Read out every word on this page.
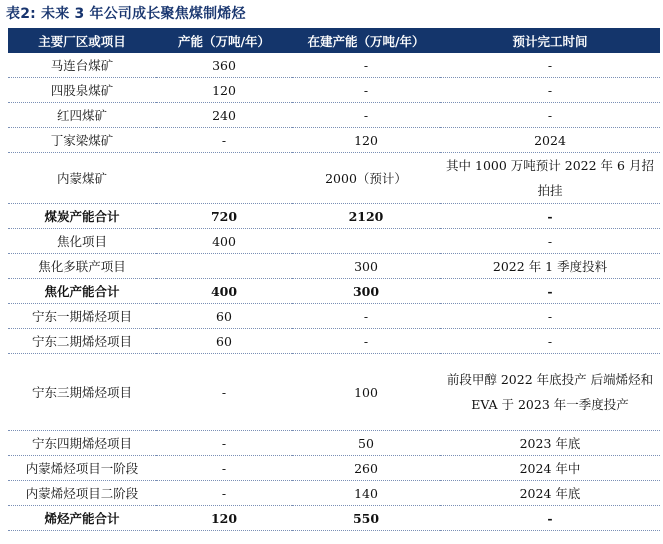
表2: 未来 3 年公司成长聚焦煤制烯烃
主要厂区或项目	产能（万吨/年）	在建产能（万吨/年）	预计完工时间
马连台煤矿	360	-	-
四股泉煤矿	120	-	-
红四煤矿	240	-	-
丁家梁煤矿	-	120	2024
内蒙煤矿		2000（预计）	其中 1000 万吨预计 2022 年 6 月招拍挂
煤炭产能合计	720	2120	-
焦化项目	400		-
焦化多联产项目		300	2022 年 1 季度投料
焦化产能合计	400	300	-
宁东一期烯烃项目	60	-	-
宁东二期烯烃项目	60	-	-
宁东三期烯烃项目	-	100	前段甲醇 2022 年底投产 后端烯烃和 EVA 于 2023 年一季度投产
宁东四期烯烃项目	-	50	2023 年底
内蒙烯烃项目一阶段	-	260	2024 年中
内蒙烯烃项目二阶段	-	140	2024 年底
烯烃产能合计	120	550	-
